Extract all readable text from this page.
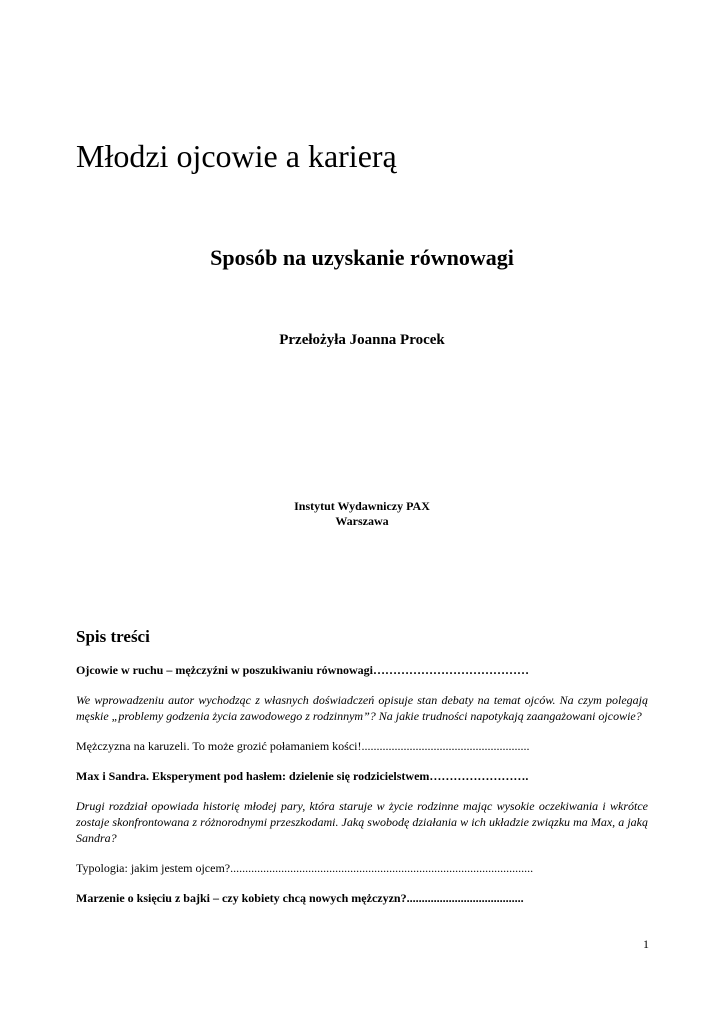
Młodzi ojcowie a karierą
Sposób na uzyskanie równowagi
Przełożyła Joanna Procek
Instytut Wydawniczy PAX
Warszawa
Spis treści

Ojcowie w ruchu – mężczyźni w poszukiwaniu równowagi…………………………………

We wprowadzeniu autor wychodząc z własnych doświadczeń opisuje stan debaty na temat ojców. Na czym polegają męskie „problemy godzenia życia zawodowego z rodzinnym”? Na jakie trudności napotykają zaangażowani ojcowie?

Mężczyzna na karuzeli. To może grozić połamaniem kości!........................................................

Max i Sandra. Eksperyment pod hasłem: dzielenie się rodzicielstwem…………………….

Drugi rozdział opowiada historię młodej pary, która staruje w życie rodzinne mając wysokie oczekiwania i wkrótce zostaje skonfrontowana z różnorodnymi przeszkodami. Jaką swobodę działania w ich układzie związku ma Max, a jaką Sandra?

Typologia: jakim jestem ojcem?.....................................................................................................

Marzenie o księciu z bajki – czy kobiety chcą nowych mężczyzn?.......................................

1
